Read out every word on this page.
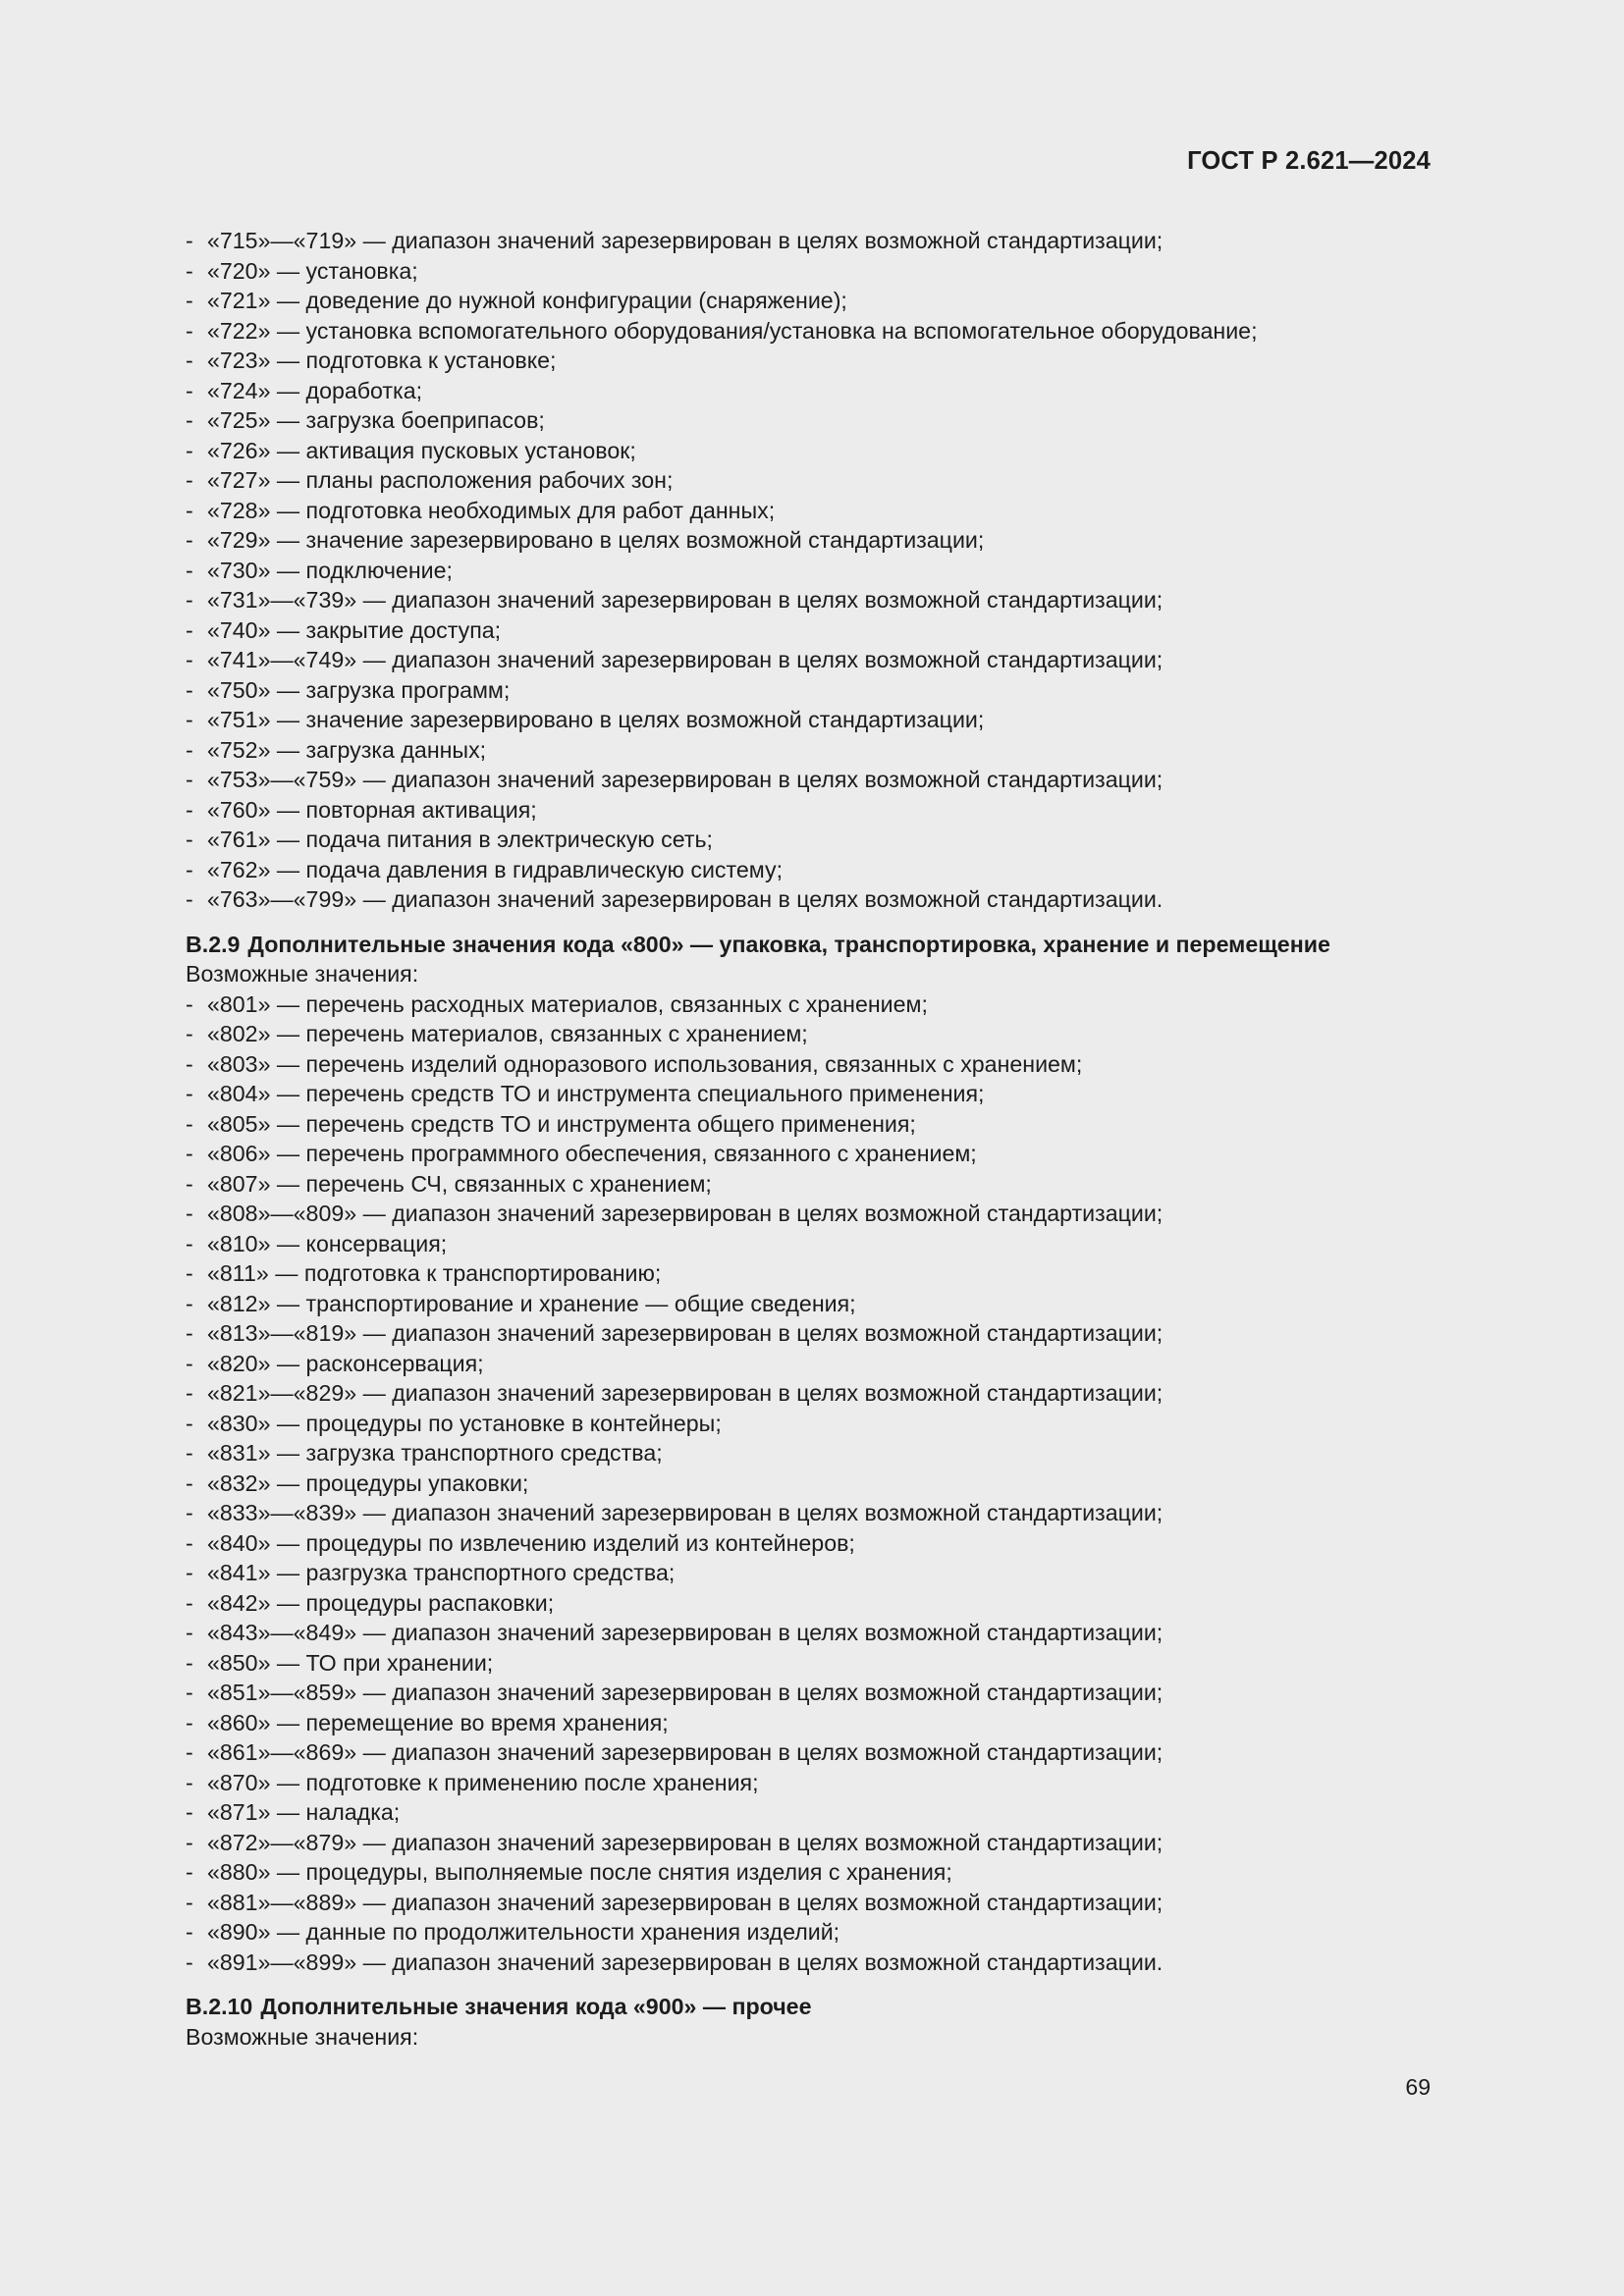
ГОСТ Р 2.621—2024
- «715»—«719» — диапазон значений зарезервирован в целях возможной стандартизации;
- «720» — установка;
- «721» — доведение до нужной конфигурации (снаряжение);
- «722» — установка вспомогательного оборудования/установка на вспомогательное оборудование;
- «723» — подготовка к установке;
- «724» — доработка;
- «725» — загрузка боеприпасов;
- «726» — активация пусковых установок;
- «727» — планы расположения рабочих зон;
- «728» — подготовка необходимых для работ данных;
- «729» — значение зарезервировано в целях возможной стандартизации;
- «730» — подключение;
- «731»—«739» — диапазон значений зарезервирован в целях возможной стандартизации;
- «740» — закрытие доступа;
- «741»—«749» — диапазон значений зарезервирован в целях возможной стандартизации;
- «750» — загрузка программ;
- «751» — значение зарезервировано в целях возможной стандартизации;
- «752» — загрузка данных;
- «753»—«759» — диапазон значений зарезервирован в целях возможной стандартизации;
- «760» — повторная активация;
- «761» — подача питания в электрическую сеть;
- «762» — подача давления в гидравлическую систему;
- «763»—«799» — диапазон значений зарезервирован в целях возможной стандартизации.
В.2.9 Дополнительные значения кода «800» — упаковка, транспортировка, хранение и перемещение
Возможные значения:
- «801» — перечень расходных материалов, связанных с хранением;
- «802» — перечень материалов, связанных с хранением;
- «803» — перечень изделий одноразового использования, связанных с хранением;
- «804» — перечень средств ТО и инструмента специального применения;
- «805» — перечень средств ТО и инструмента общего применения;
- «806» — перечень программного обеспечения, связанного с хранением;
- «807» — перечень СЧ, связанных с хранением;
- «808»—«809» — диапазон значений зарезервирован в целях возможной стандартизации;
- «810» — консервация;
- «811» — подготовка к транспортированию;
- «812» — транспортирование и хранение — общие сведения;
- «813»—«819» — диапазон значений зарезервирован в целях возможной стандартизации;
- «820» — расконсервация;
- «821»—«829» — диапазон значений зарезервирован в целях возможной стандартизации;
- «830» — процедуры по установке в контейнеры;
- «831» — загрузка транспортного средства;
- «832» — процедуры упаковки;
- «833»—«839» — диапазон значений зарезервирован в целях возможной стандартизации;
- «840» — процедуры по извлечению изделий из контейнеров;
- «841» — разгрузка транспортного средства;
- «842» — процедуры распаковки;
- «843»—«849» — диапазон значений зарезервирован в целях возможной стандартизации;
- «850» — ТО при хранении;
- «851»—«859» — диапазон значений зарезервирован в целях возможной стандартизации;
- «860» — перемещение во время хранения;
- «861»—«869» — диапазон значений зарезервирован в целях возможной стандартизации;
- «870» — подготовке к применению после хранения;
- «871» — наладка;
- «872»—«879» — диапазон значений зарезервирован в целях возможной стандартизации;
- «880» — процедуры, выполняемые после снятия изделия с хранения;
- «881»—«889» — диапазон значений зарезервирован в целях возможной стандартизации;
- «890» — данные по продолжительности хранения изделий;
- «891»—«899» — диапазон значений зарезервирован в целях возможной стандартизации.
В.2.10 Дополнительные значения кода «900» — прочее
Возможные значения:
69
